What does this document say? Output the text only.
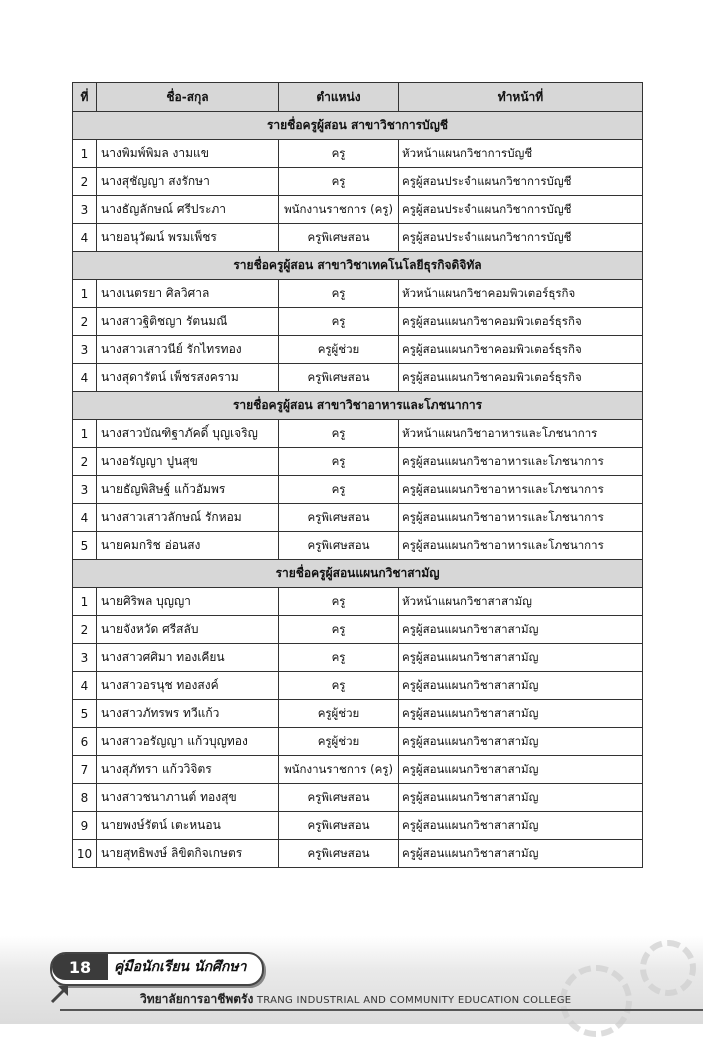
ที่	ชื่อ-สกุล	ตำแหน่ง	ทำหน้าที่
รายชื่อครูผู้สอน สาขาวิชาการบัญชี			
1	นางพิมพ์พิมล งามแข	ครู	หัวหน้าแผนกวิชาการบัญชี
2	นางสุชัญญา สงรักษา	ครู	ครูผู้สอนประจำแผนกวิชาการบัญชี
3	นางธัญลักษณ์ ศรีประภา	พนักงานราชการ (ครู)	ครูผู้สอนประจำแผนกวิชาการบัญชี
4	นายอนุวัฒน์ พรมเพ็ชร	ครูพิเศษสอน	ครูผู้สอนประจำแผนกวิชาการบัญชี
รายชื่อครูผู้สอน สาขาวิชาเทคโนโลยีธุรกิจดิจิทัล			
1	นางเนตรยา ศิลวิศาล	ครู	หัวหน้าแผนกวิชาคอมพิวเตอร์ธุรกิจ
2	นางสาวฐิติชญา รัตนมณี	ครู	ครูผู้สอนแผนกวิชาคอมพิวเตอร์ธุรกิจ
3	นางสาวเสาวนีย์ รักไทรทอง	ครูผู้ช่วย	ครูผู้สอนแผนกวิชาคอมพิวเตอร์ธุรกิจ
4	นางสุดารัตน์ เพ็ชรสงคราม	ครูพิเศษสอน	ครูผู้สอนแผนกวิชาคอมพิวเตอร์ธุรกิจ
รายชื่อครูผู้สอน สาขาวิชาอาหารและโภชนาการ			
1	นางสาวบัณฑิฐาภัคดิ์ บุญเจริญ	ครู	หัวหน้าแผนกวิชาอาหารและโภชนาการ
2	นางอรัญญา ปูนสุข	ครู	ครูผู้สอนแผนกวิชาอาหารและโภชนาการ
3	นายธัญพิสิษฐ์ แก้วอัมพร	ครู	ครูผู้สอนแผนกวิชาอาหารและโภชนาการ
4	นางสาวเสาวลักษณ์ รักหอม	ครูพิเศษสอน	ครูผู้สอนแผนกวิชาอาหารและโภชนาการ
5	นายคมกริช อ่อนสง	ครูพิเศษสอน	ครูผู้สอนแผนกวิชาอาหารและโภชนาการ
รายชื่อครูผู้สอนแผนกวิชาสามัญ			
1	นายศิริพล บุญญา	ครู	หัวหน้าแผนกวิชาสาสามัญ
2	นายจังหวัด ศรีสลับ	ครู	ครูผู้สอนแผนกวิชาสาสามัญ
3	นางสาวศศิมา ทองเคียน	ครู	ครูผู้สอนแผนกวิชาสาสามัญ
4	นางสาวอรนุช ทองสงค์	ครู	ครูผู้สอนแผนกวิชาสาสามัญ
5	นางสาวภัทรพร ทวีแก้ว	ครูผู้ช่วย	ครูผู้สอนแผนกวิชาสาสามัญ
6	นางสาวอรัญญา แก้วบุญทอง	ครูผู้ช่วย	ครูผู้สอนแผนกวิชาสาสามัญ
7	นางสุภัทรา แก้ววิจิตร	พนักงานราชการ (ครู)	ครูผู้สอนแผนกวิชาสาสามัญ
8	นางสาวชนาภานต์ ทองสุข	ครูพิเศษสอน	ครูผู้สอนแผนกวิชาสาสามัญ
9	นายพงษ์รัตน์ เตะหนอน	ครูพิเศษสอน	ครูผู้สอนแผนกวิชาสาสามัญ
10	นายสุทธิพงษ์ ลิขิตกิจเกษตร	ครูพิเศษสอน	ครูผู้สอนแผนกวิชาสาสามัญ
18	คู่มือนักเรียน นักศึกษา
วิทยาลัยการอาชีพตรัง TRANG INDUSTRIAL AND COMMUNITY EDUCATION COLLEGE
